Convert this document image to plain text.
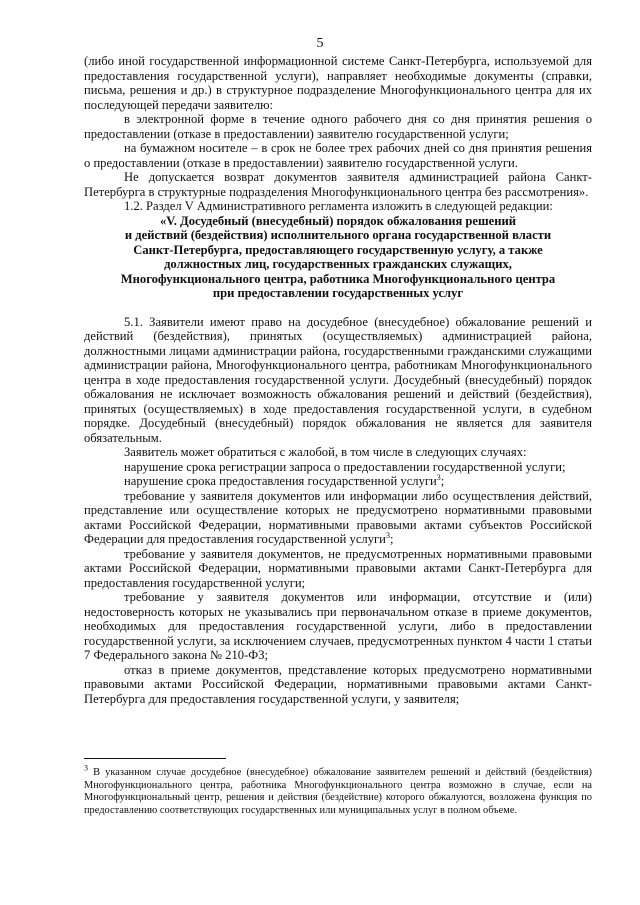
5

(либо иной государственной информационной системе Санкт-Петербурга, используемой для предоставления государственной услуги), направляет необходимые документы (справки, письма, решения и др.) в структурное подразделение Многофункционального центра для их последующей передачи заявителю:

в электронной форме в течение одного рабочего дня со дня принятия решения о предоставлении (отказе в предоставлении) заявителю государственной услуги;

на бумажном носителе – в срок не более трех рабочих дней со дня принятия решения о предоставлении (отказе в предоставлении) заявителю государственной услуги.

Не допускается возврат документов заявителя администрацией района Санкт-Петербурга в структурные подразделения Многофункционального центра без рассмотрения».

1.2. Раздел V Административного регламента изложить в следующей редакции:

«V. Досудебный (внесудебный) порядок обжалования решений
и действий (бездействия) исполнительного органа государственной власти
Санкт-Петербурга, предоставляющего государственную услугу, а также
должностных лиц, государственных гражданских служащих,
Многофункционального центра, работника Многофункционального центра
при предоставлении государственных услуг

5.1. Заявители имеют право на досудебное (внесудебное) обжалование решений и действий (бездействия), принятых (осуществляемых) администрацией района, должностными лицами администрации района, государственными гражданскими служащими администрации района, Многофункционального центра, работникам Многофункционального центра в ходе предоставления государственной услуги. Досудебный (внесудебный) порядок обжалования не исключает возможность обжалования решений и действий (бездействия), принятых (осуществляемых) в ходе предоставления государственной услуги, в судебном порядке. Досудебный (внесудебный) порядок обжалования не является для заявителя обязательным.

Заявитель может обратиться с жалобой, в том числе в следующих случаях:

нарушение срока регистрации запроса о предоставлении государственной услуги;

нарушение срока предоставления государственной услуги$^3$;

требование у заявителя документов или информации либо осуществления действий, представление или осуществление которых не предусмотрено нормативными правовыми актами Российской Федерации, нормативными правовыми актами субъектов Российской Федерации для предоставления государственной услуги$^3$;

требование у заявителя документов, не предусмотренных нормативными правовыми актами Российской Федерации, нормативными правовыми актами Санкт-Петербурга для предоставления государственной услуги;

требование у заявителя документов или информации, отсутствие и (или) недостоверность которых не указывались при первоначальном отказе в приеме документов, необходимых для предоставления государственной услуги, либо в предоставлении государственной услуги, за исключением случаев, предусмотренных пунктом 4 части 1 статьи 7 Федерального закона № 210-ФЗ;

отказ в приеме документов, представление которых предусмотрено нормативными правовыми актами Российской Федерации, нормативными правовыми актами Санкт-Петербурга для предоставления государственной услуги, у заявителя;

$^3$ В указанном случае досудебное (внесудебное) обжалование заявителем решений и действий (бездействия) Многофункционального центра, работника Многофункционального центра возможно в случае, если на Многофункциональный центр, решения и действия (бездействие) которого обжалуются, возложена функция по предоставлению соответствующих государственных или муниципальных услуг в полном объеме.
